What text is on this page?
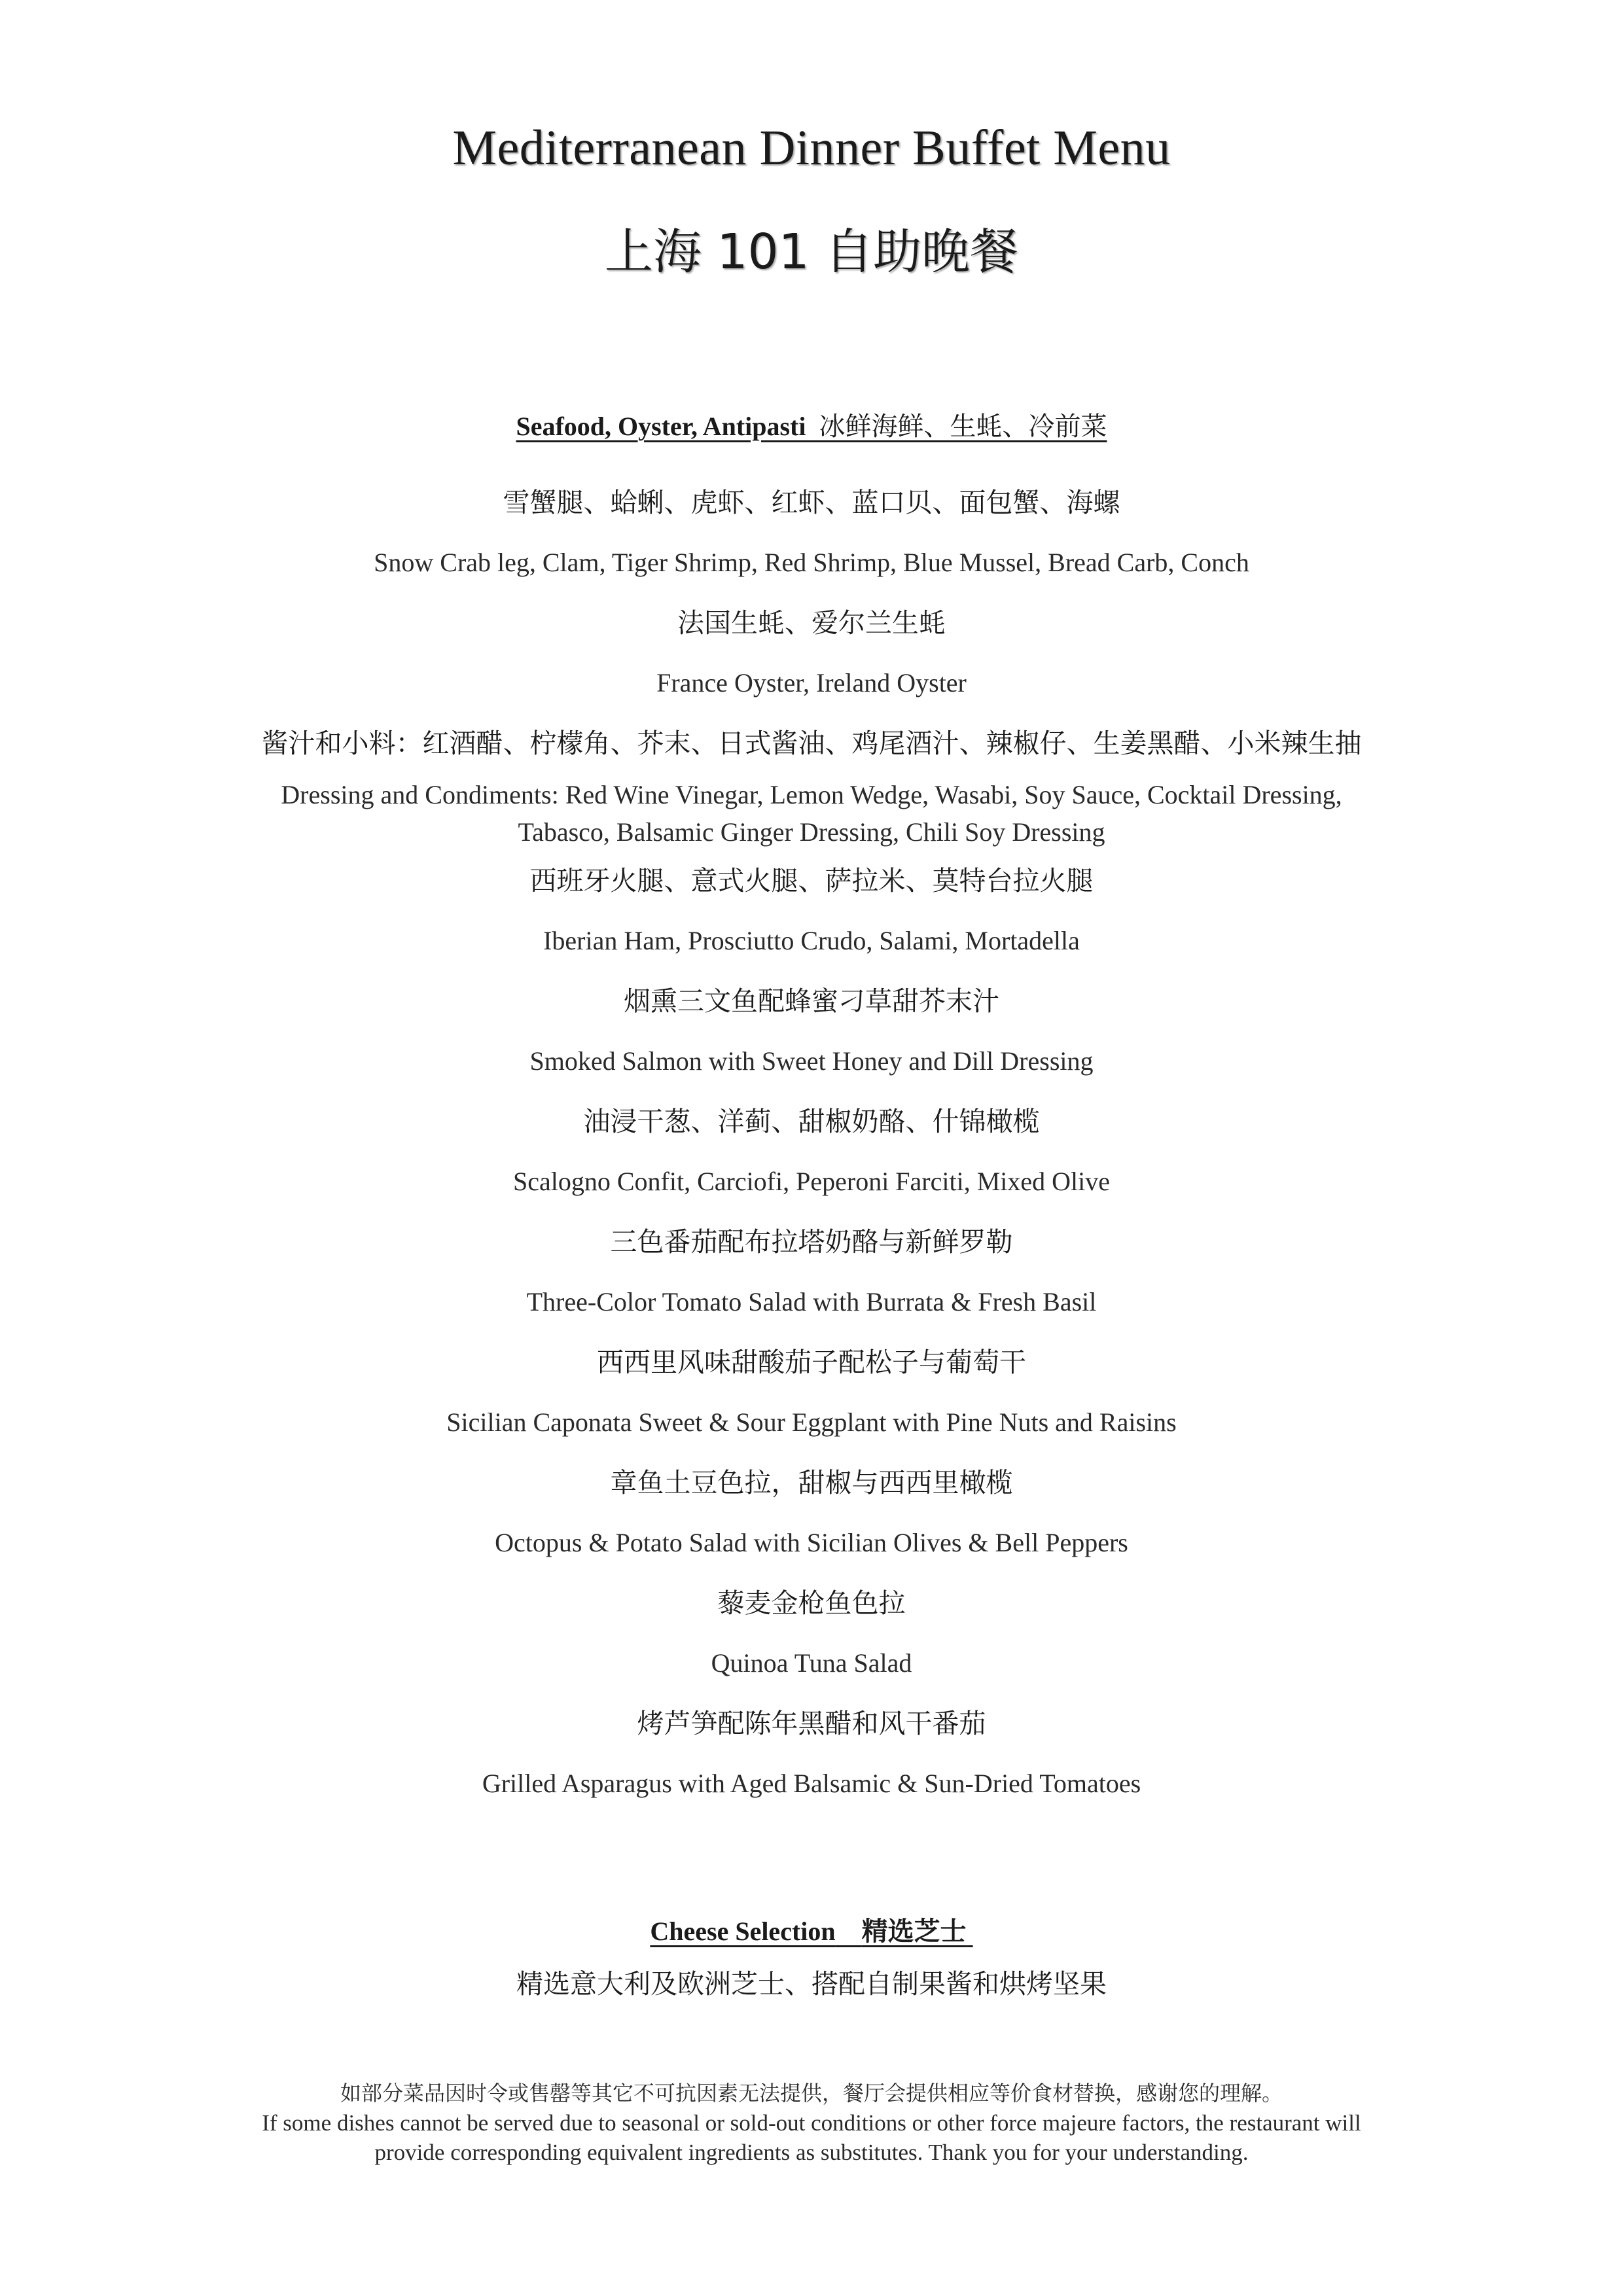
Mediterranean Dinner Buffet Menu
上海 101 自助晚餐
Seafood, Oyster, Antipasti 冰鲜海鲜、生蚝、冷前菜
雪蟹腿、蛤蜊、虎虾、红虾、蓝口贝、面包蟹、海螺
Snow Crab leg, Clam, Tiger Shrimp, Red Shrimp, Blue Mussel, Bread Carb, Conch
法国生蚝、爱尔兰生蚝
France Oyster, Ireland Oyster
酱汁和小料：红酒醋、柠檬角、芥末、日式酱油、鸡尾酒汁、辣椒仔、生姜黑醋、小米辣生抽
Dressing and Condiments: Red Wine Vinegar, Lemon Wedge, Wasabi, Soy Sauce, Cocktail Dressing, Tabasco, Balsamic Ginger Dressing, Chili Soy Dressing
西班牙火腿、意式火腿、萨拉米、莫特台拉火腿
Iberian Ham, Prosciutto Crudo, Salami, Mortadella
烟熏三文鱼配蜂蜜刁草甜芥末汁
Smoked Salmon with Sweet Honey and Dill Dressing
油浸干葱、洋蓟、甜椒奶酪、什锦橄榄
Scalogno Confit, Carciofi, Peperoni Farciti, Mixed Olive
三色番茄配布拉塔奶酪与新鲜罗勒
Three-Color Tomato Salad with Burrata & Fresh Basil
西西里风味甜酸茄子配松子与葡萄干
Sicilian Caponata Sweet & Sour Eggplant with Pine Nuts and Raisins
章鱼土豆色拉，甜椒与西西里橄榄
Octopus & Potato Salad with Sicilian Olives & Bell Peppers
藜麦金枪鱼色拉
Quinoa Tuna Salad
烤芦笋配陈年黑醋和风干番茄
Grilled Asparagus with Aged Balsamic & Sun-Dried Tomatoes
Cheese Selection 精选芝士
精选意大利及欧洲芝士、搭配自制果酱和烘烤坚果
如部分菜品因时令或售罄等其它不可抗因素无法提供，餐厅会提供相应等价食材替换，感谢您的理解。
If some dishes cannot be served due to seasonal or sold-out conditions or other force majeure factors, the restaurant will provide corresponding equivalent ingredients as substitutes. Thank you for your understanding.
